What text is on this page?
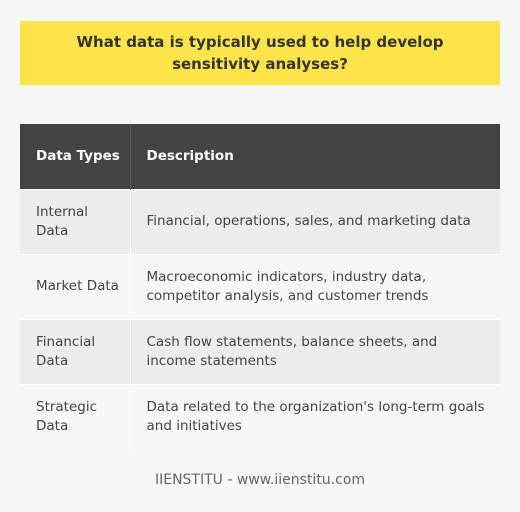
What data is typically used to help develop sensitivity analyses?
Data Types	Description
Internal Data	Financial, operations, sales, and marketing data
Market Data	Macroeconomic indicators, industry data, competitor analysis, and customer trends
Financial Data	Cash flow statements, balance sheets, and income statements
Strategic Data	Data related to the organization's long-term goals and initiatives
IIENSTITU - www.iienstitu.com
